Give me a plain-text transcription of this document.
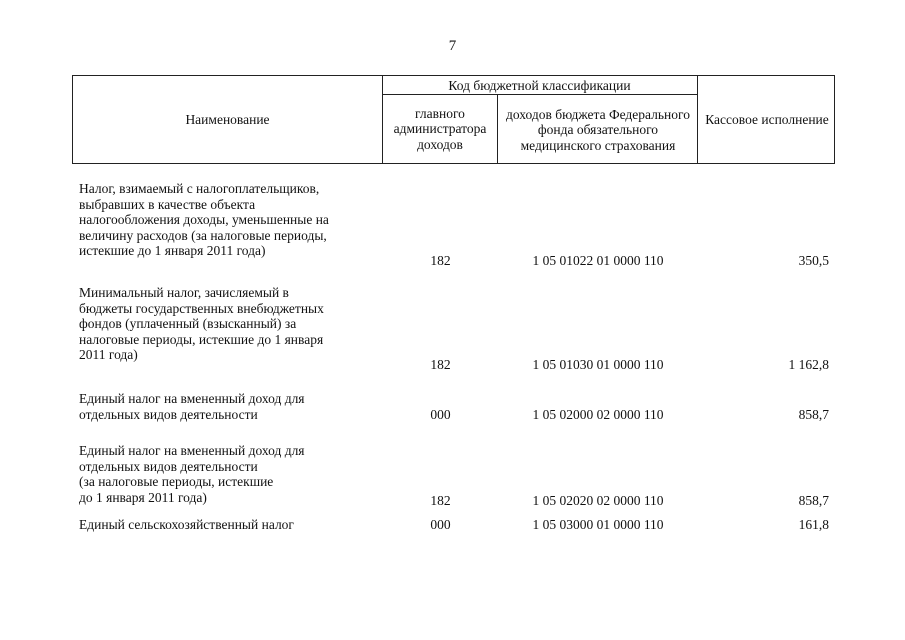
7
Наименование
Код бюджетной классификации
главного администратора доходов
доходов бюджета Федерального фонда обязательного медицинского страхования
Кассовое исполнение
Налог, взимаемый с налогоплательщиков,
выбравших в качестве объекта
налогообложения доходы, уменьшенные на
величину расходов (за налоговые периоды,
истекшие до 1 января 2011 года)
182	1 05 01022 01 0000 110	350,5
Минимальный налог, зачисляемый в
бюджеты государственных внебюджетных
фондов (уплаченный (взысканный) за
налоговые периоды, истекшие до 1 января
2011 года)
182	1 05 01030 01 0000 110	1 162,8
Единый налог на вмененный доход для
отдельных видов деятельности	000	1 05 02000 02 0000 110	858,7
Единый налог на вмененный доход для
отдельных видов деятельности
(за налоговые периоды, истекшие
до 1 января 2011 года)	182	1 05 02020 02 0000 110	858,7
Единый сельскохозяйственный налог	000	1 05 03000 01 0000 110	161,8
